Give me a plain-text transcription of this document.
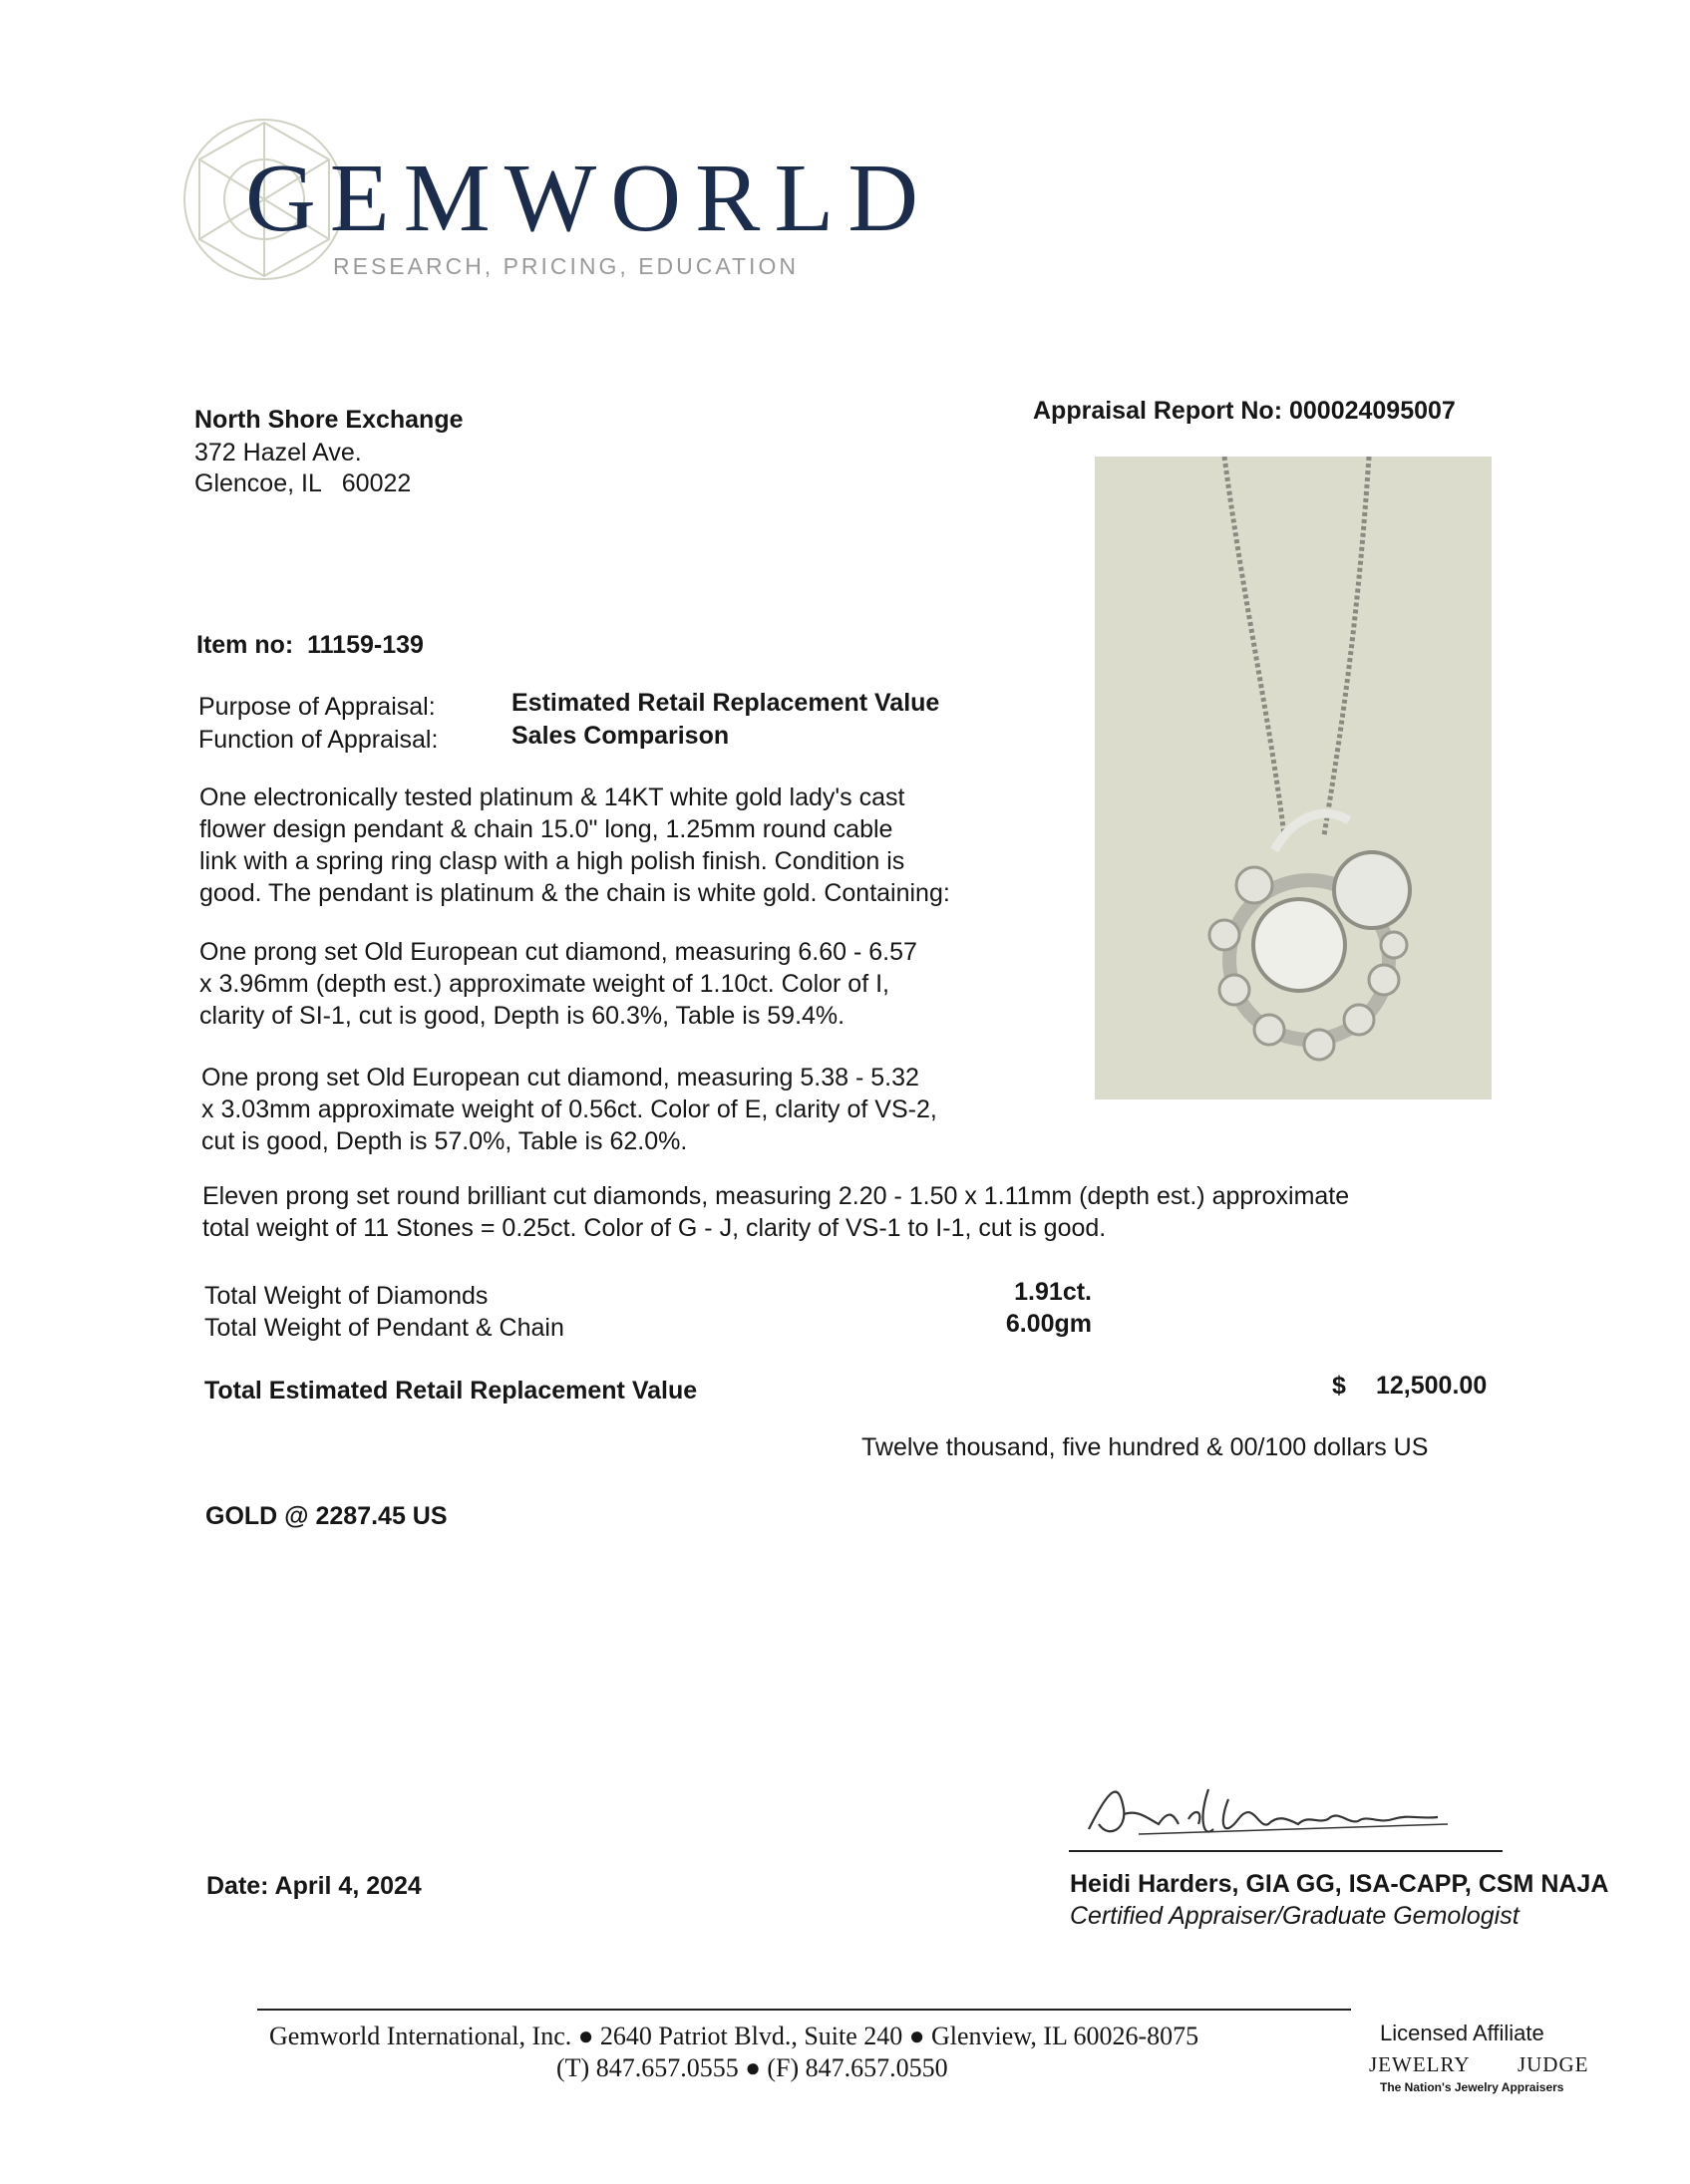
GEMWORLD
RESEARCH, PRICING, EDUCATION
North Shore Exchange
372 Hazel Ave.
Glencoe, IL   60022
Appraisal Report No: 000024095007
Item no: 11159-139
Purpose of Appraisal:	Estimated Retail Replacement Value
Function of Appraisal:	Sales Comparison
One electronically tested platinum & 14KT white gold lady's cast
flower design pendant & chain 15.0" long, 1.25mm round cable
link with a spring ring clasp with a high polish finish. Condition is
good. The pendant is platinum & the chain is white gold. Containing:
One prong set Old European cut diamond, measuring 6.60 - 6.57
x 3.96mm (depth est.) approximate weight of 1.10ct. Color of I,
clarity of SI-1, cut is good, Depth is 60.3%, Table is 59.4%.
One prong set Old European cut diamond, measuring 5.38 - 5.32
x 3.03mm approximate weight of 0.56ct. Color of E, clarity of VS-2,
cut is good, Depth is 57.0%, Table is 62.0%.
Eleven prong set round brilliant cut diamonds, measuring 2.20 - 1.50 x 1.11mm (depth est.) approximate
total weight of 11 Stones = 0.25ct. Color of G - J, clarity of VS-1 to I-1, cut is good.
Total Weight of Diamonds	1.91ct.
Total Weight of Pendant & Chain	6.00gm
Total Estimated Retail Replacement Value	$ 12,500.00
Twelve thousand, five hundred & 00/100 dollars US
GOLD @ 2287.45 US
Heidi Harders, GIA GG, ISA-CAPP, CSM NAJA
Certified Appraiser/Graduate Gemologist
Date: April 4, 2024
Gemworld International, Inc. ● 2640 Patriot Blvd., Suite 240 ● Glenview, IL 60026-8075
(T) 847.657.0555 ● (F) 847.657.0550
Licensed Affiliate
JEWELRY JUDGE
The Nation's Jewelry Appraisers
